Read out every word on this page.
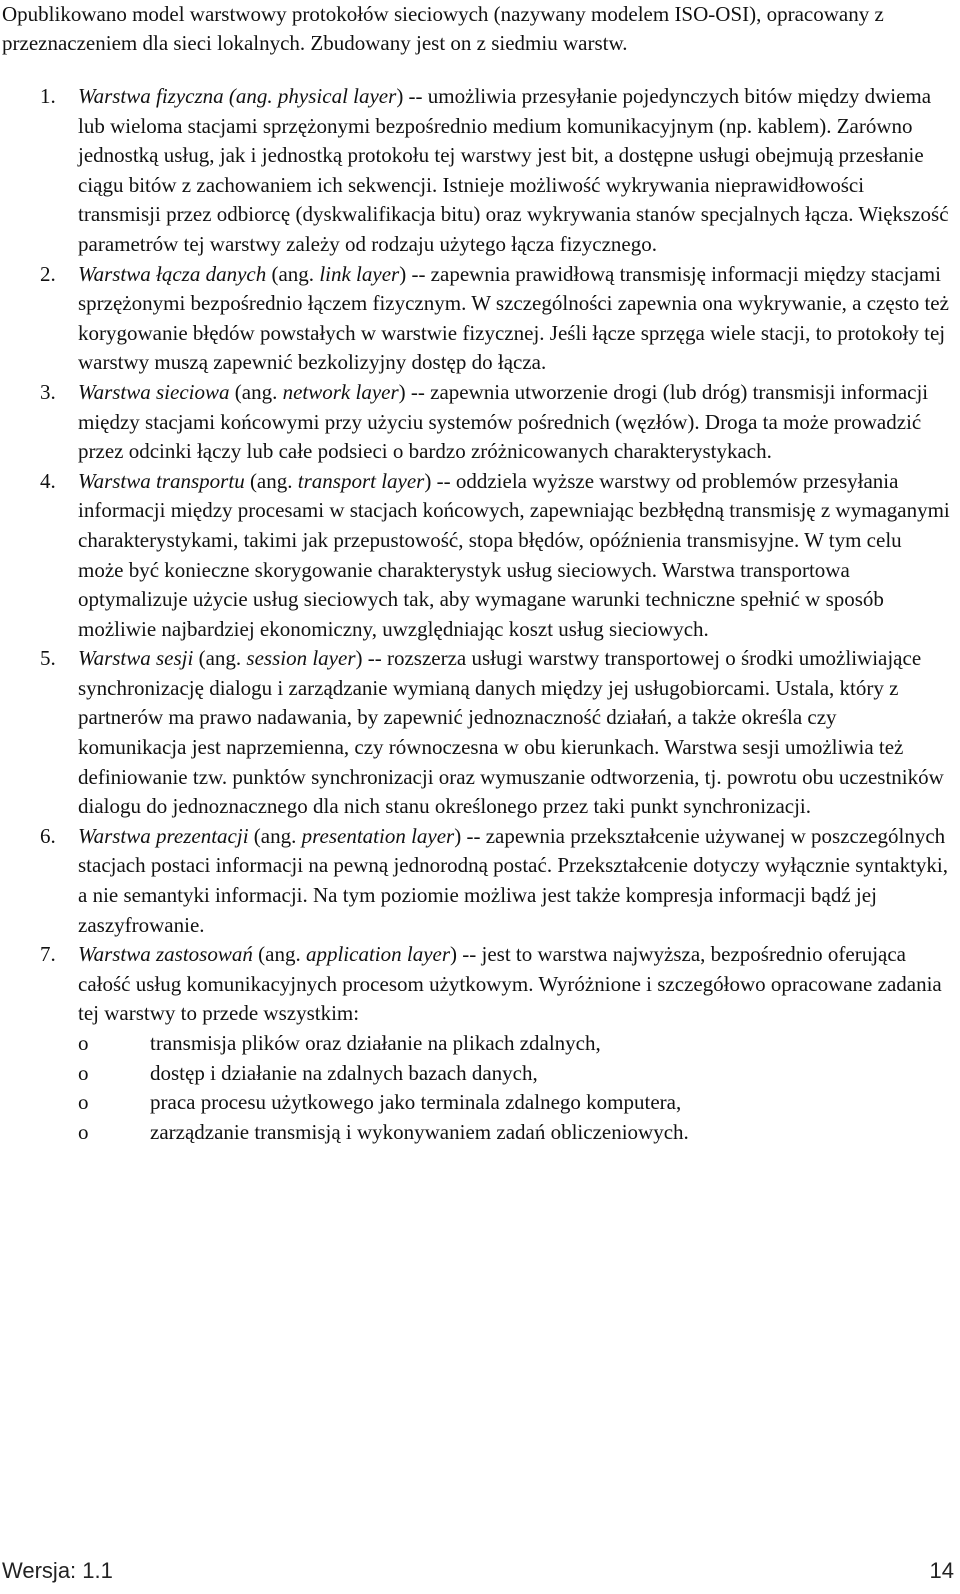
Opublikowano model warstwowy protokołów sieciowych (nazywany modelem ISO-OSI), opracowany z przeznaczeniem dla sieci lokalnych. Zbudowany jest on z siedmiu warstw.

1. Warstwa fizyczna (ang. physical layer) -- umożliwia przesyłanie pojedynczych bitów między dwiema lub wieloma stacjami sprzężonymi bezpośrednio medium komunikacyjnym (np. kablem). Zarówno jednostką usług, jak i jednostką protokołu tej warstwy jest bit, a dostępne usługi obejmują przesłanie ciągu bitów z zachowaniem ich sekwencji. Istnieje możliwość wykrywania nieprawidłowości transmisji przez odbiorcę (dyskwalifikacja bitu) oraz wykrywania stanów specjalnych łącza. Większość parametrów tej warstwy zależy od rodzaju użytego łącza fizycznego.
2. Warstwa łącza danych (ang. link layer) -- zapewnia prawidłową transmisję informacji między stacjami sprzężonymi bezpośrednio łączem fizycznym. W szczególności zapewnia ona wykrywanie, a często też korygowanie błędów powstałych w warstwie fizycznej. Jeśli łącze sprzęga wiele stacji, to protokoły tej warstwy muszą zapewnić bezkolizyjny dostęp do łącza.
3. Warstwa sieciowa (ang. network layer) -- zapewnia utworzenie drogi (lub dróg) transmisji informacji między stacjami końcowymi przy użyciu systemów pośrednich (węzłów). Droga ta może prowadzić przez odcinki łączy lub całe podsieci o bardzo zróżnicowanych charakterystykach.
4. Warstwa transportu (ang. transport layer) -- oddziela wyższe warstwy od problemów przesyłania informacji między procesami w stacjach końcowych, zapewniając bezbłędną transmisję z wymaganymi charakterystykami, takimi jak przepustowość, stopa błędów, opóźnienia transmisyjne. W tym celu może być konieczne skorygowanie charakterystyk usług sieciowych. Warstwa transportowa optymalizuje użycie usług sieciowych tak, aby wymagane warunki techniczne spełnić w sposób możliwie najbardziej ekonomiczny, uwzględniając koszt usług sieciowych.
5. Warstwa sesji (ang. session layer) -- rozszerza usługi warstwy transportowej o środki umożliwiające synchronizację dialogu i zarządzanie wymianą danych między jej usługobiorcami. Ustala, który z partnerów ma prawo nadawania, by zapewnić jednoznaczność działań, a także określa czy komunikacja jest naprzemienna, czy równoczesna w obu kierunkach. Warstwa sesji umożliwia też definiowanie tzw. punktów synchronizacji oraz wymuszanie odtworzenia, tj. powrotu obu uczestników dialogu do jednoznacznego dla nich stanu określonego przez taki punkt synchronizacji.
6. Warstwa prezentacji (ang. presentation layer) -- zapewnia przekształcenie używanej w poszczególnych stacjach postaci informacji na pewną jednorodną postać. Przekształcenie dotyczy wyłącznie syntaktyki, a nie semantyki informacji. Na tym poziomie możliwa jest także kompresja informacji bądź jej zaszyfrowanie.
7. Warstwa zastosowań (ang. application layer) -- jest to warstwa najwyższa, bezpośrednio oferująca całość usług komunikacyjnych procesom użytkowym. Wyróżnione i szczegółowo opracowane zadania tej warstwy to przede wszystkim:
o	transmisja plików oraz działanie na plikach zdalnych,
o	dostęp i działanie na zdalnych bazach danych,
o	praca procesu użytkowego jako terminala zdalnego komputera,
o	zarządzanie transmisją i wykonywaniem zadań obliczeniowych.
Wersja: 1.1	14
